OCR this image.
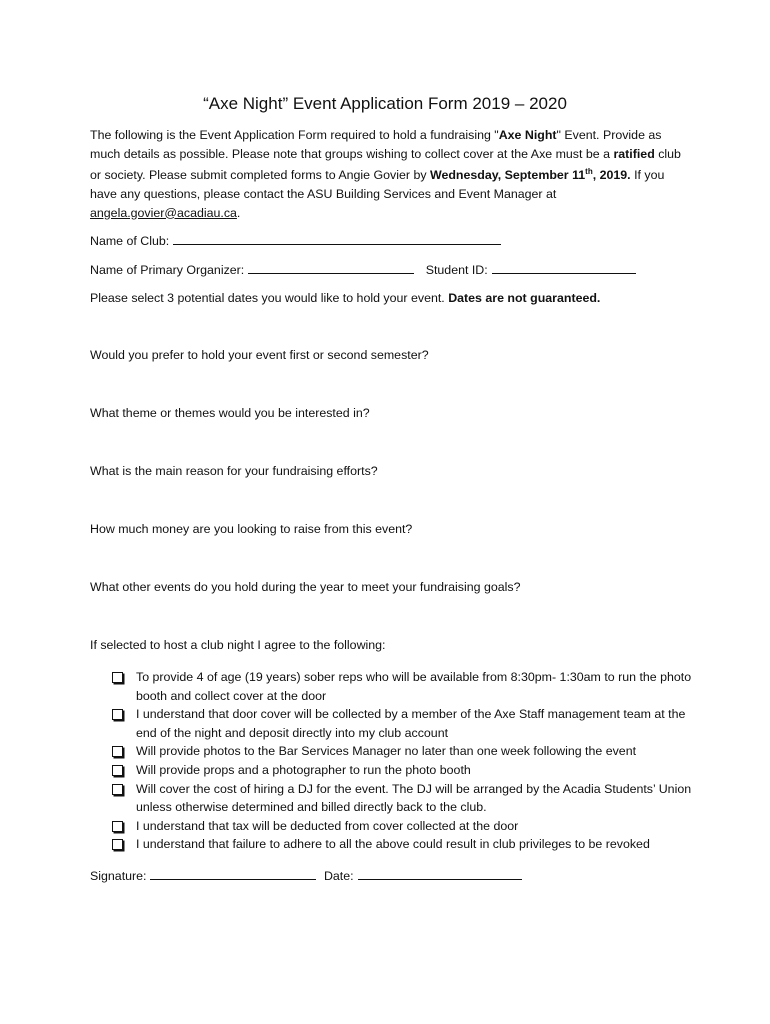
“Axe Night” Event Application Form 2019 – 2020
The following is the Event Application Form required to hold a fundraising "Axe Night" Event. Provide as much details as possible. Please note that groups wishing to collect cover at the Axe must be a ratified club or society. Please submit completed forms to Angie Govier by Wednesday, September 11th, 2019. If you have any questions, please contact the ASU Building Services and Event Manager at angela.govier@acadiau.ca.
Name of Club:
Name of Primary Organizer:	Student ID:
Please select 3 potential dates you would like to hold your event. Dates are not guaranteed.
Would you prefer to hold your event first or second semester?
What theme or themes would you be interested in?
What is the main reason for your fundraising efforts?
How much money are you looking to raise from this event?
What other events do you hold during the year to meet your fundraising goals?
If selected to host a club night I agree to the following:
To provide 4 of age (19 years) sober reps who will be available from 8:30pm- 1:30am to run the photo booth and collect cover at the door
I understand that door cover will be collected by a member of the Axe Staff management team at the end of the night and deposit directly into my club account
Will provide photos to the Bar Services Manager no later than one week following the event
Will provide props and a photographer to run the photo booth
Will cover the cost of hiring a DJ for the event. The DJ will be arranged by the Acadia Students’ Union unless otherwise determined and billed directly back to the club.
I understand that tax will be deducted from cover collected at the door
I understand that failure to adhere to all the above could result in club privileges to be revoked
Signature:	Date:
